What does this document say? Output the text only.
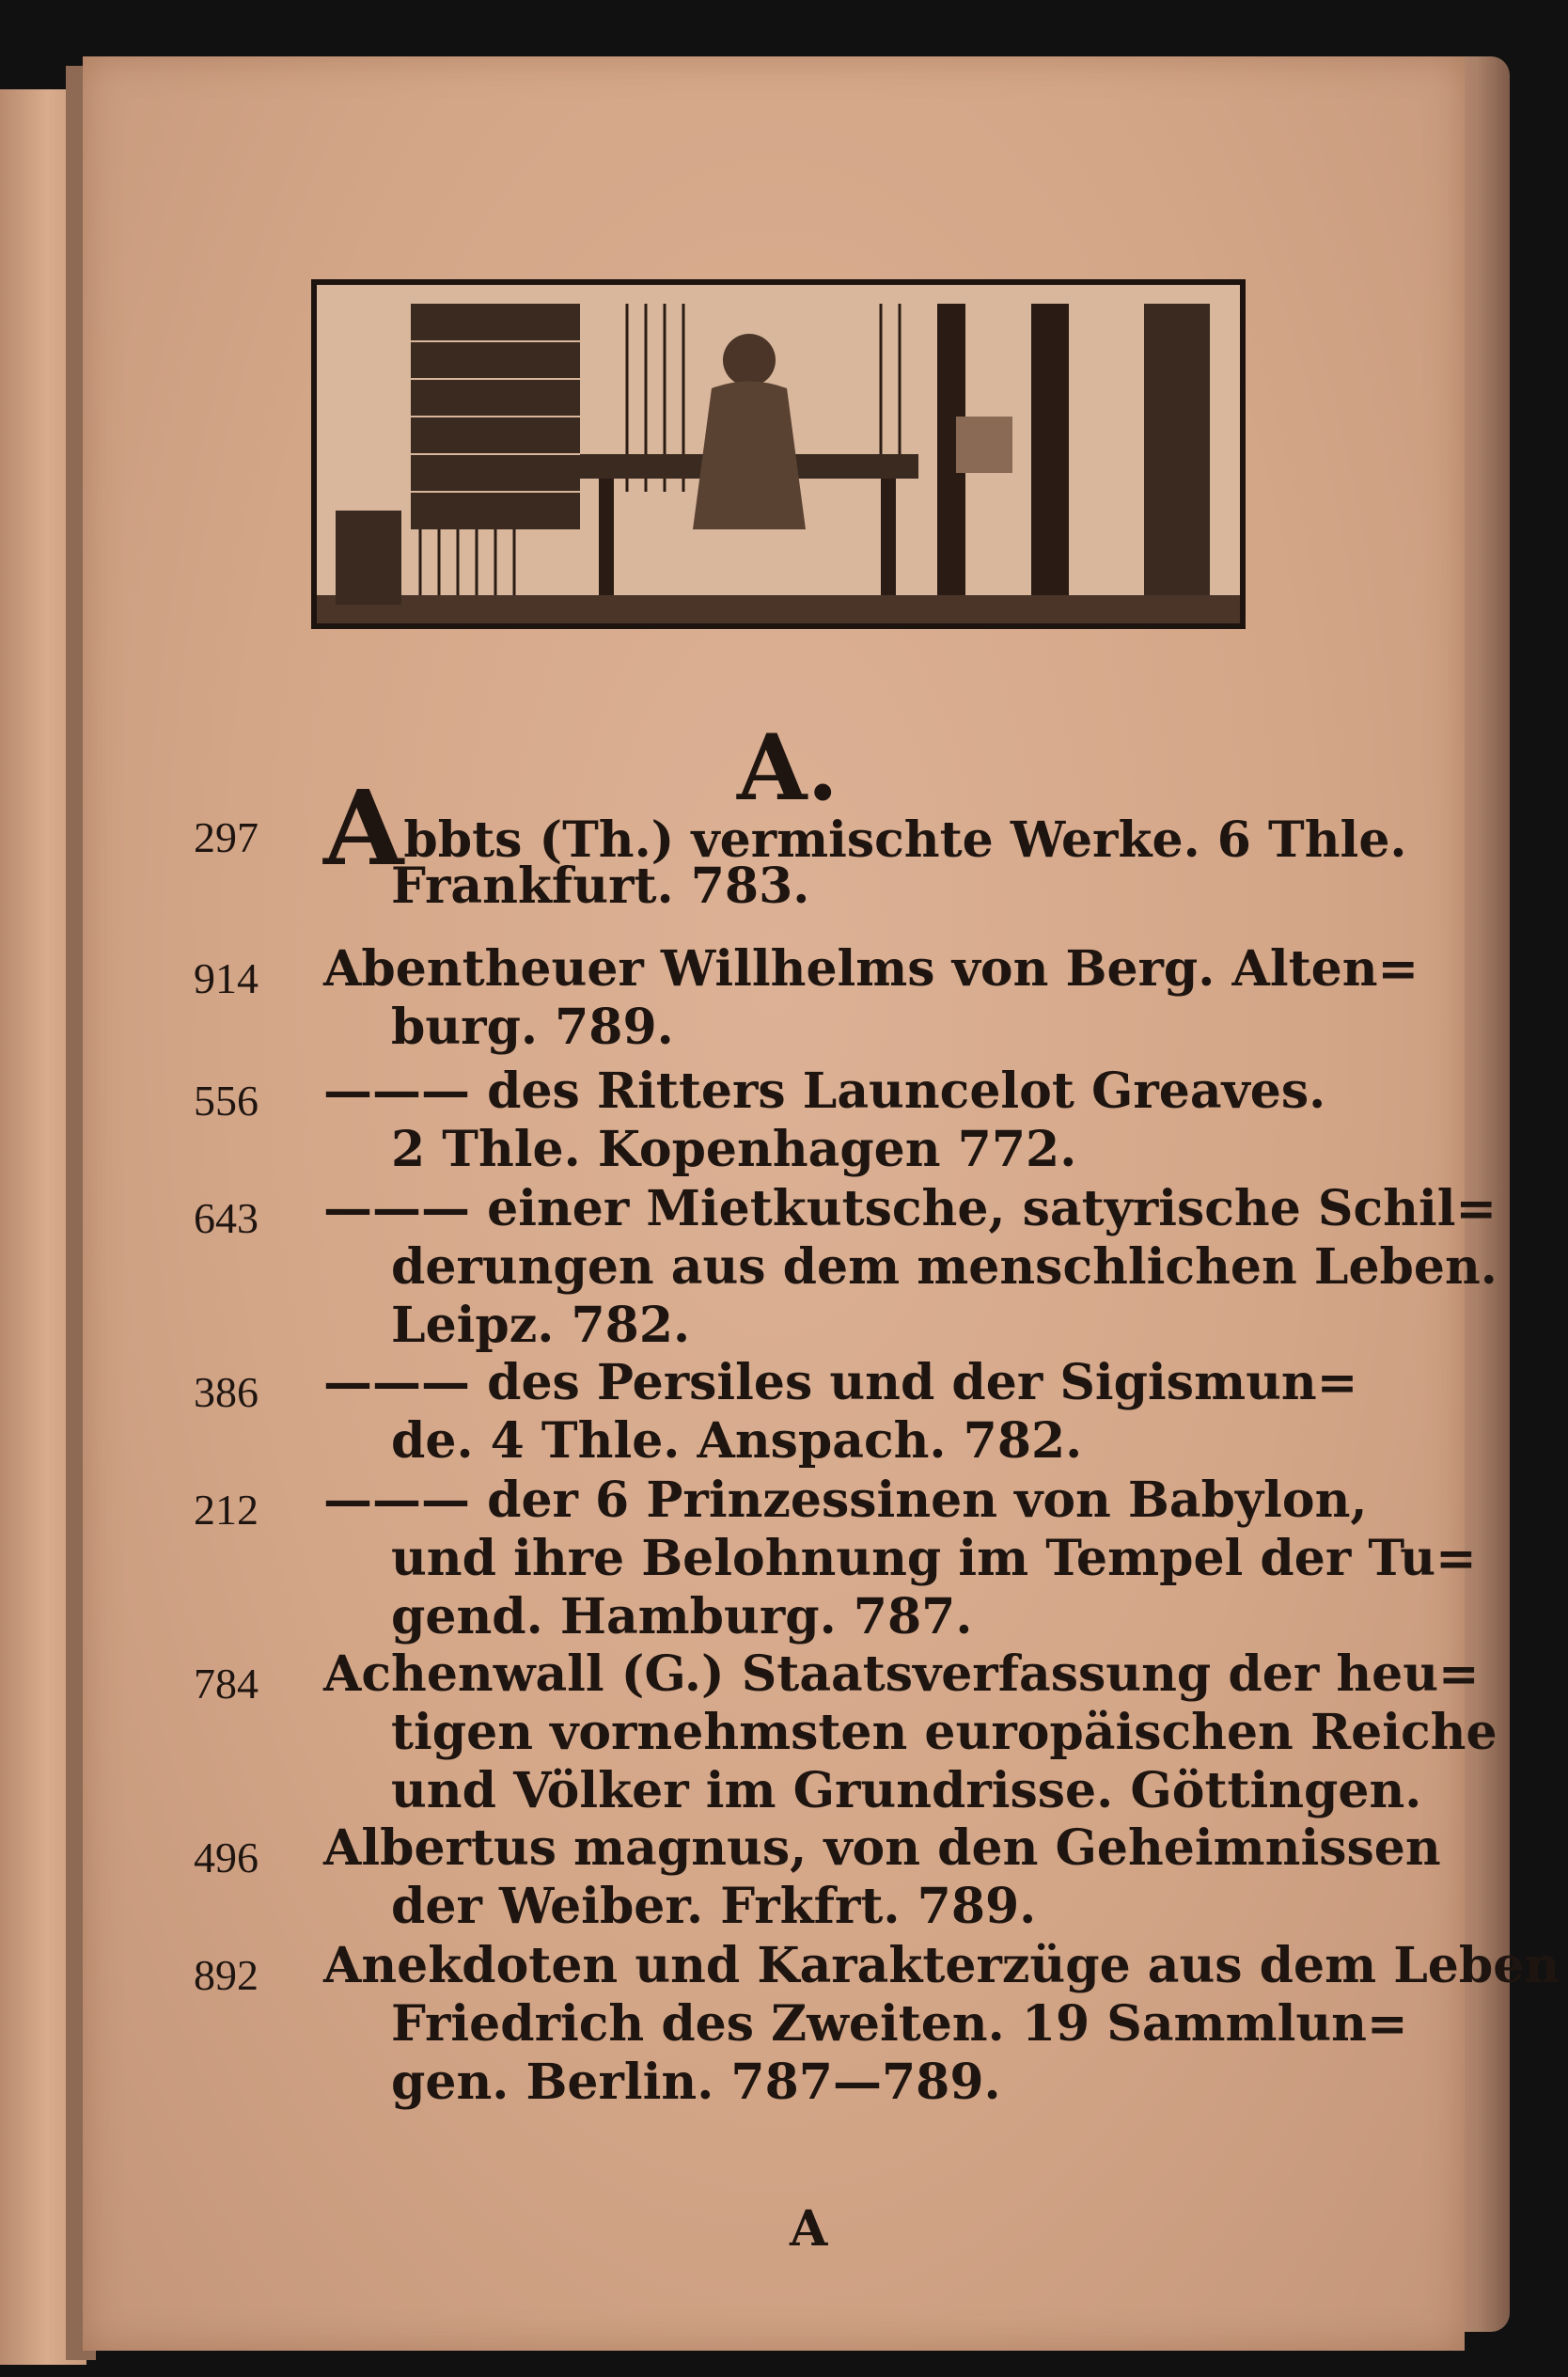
A.
297 Abbts (Th.) vermischte Werke. 6 Thle.
Frankfurt. 783.
914	Abentheuer Willhelms von Berg. Alten=
burg. 789.
556	——— des Ritters Launcelot Greaves.
2 Thle. Kopenhagen 772.
643	——— einer Mietkutsche, satyrische Schil=
derungen aus dem menschlichen Leben.
Leipz. 782.
386	——— des Persiles und der Sigismun=
de. 4 Thle. Anspach. 782.
212	——— der 6 Prinzessinen von Babylon,
und ihre Belohnung im Tempel der Tu=
gend. Hamburg. 787.
784	Achenwall (G.) Staatsverfassung der heu=
tigen vornehmsten europäischen Reiche
und Völker im Grundrisse. Göttingen.
496	Albertus magnus, von den Geheimnissen
der Weiber. Frkfrt. 789.
892	Anekdoten und Karakterzüge aus dem Leben
Friedrich des Zweiten. 19 Sammlun=
gen. Berlin. 787—789.
A
